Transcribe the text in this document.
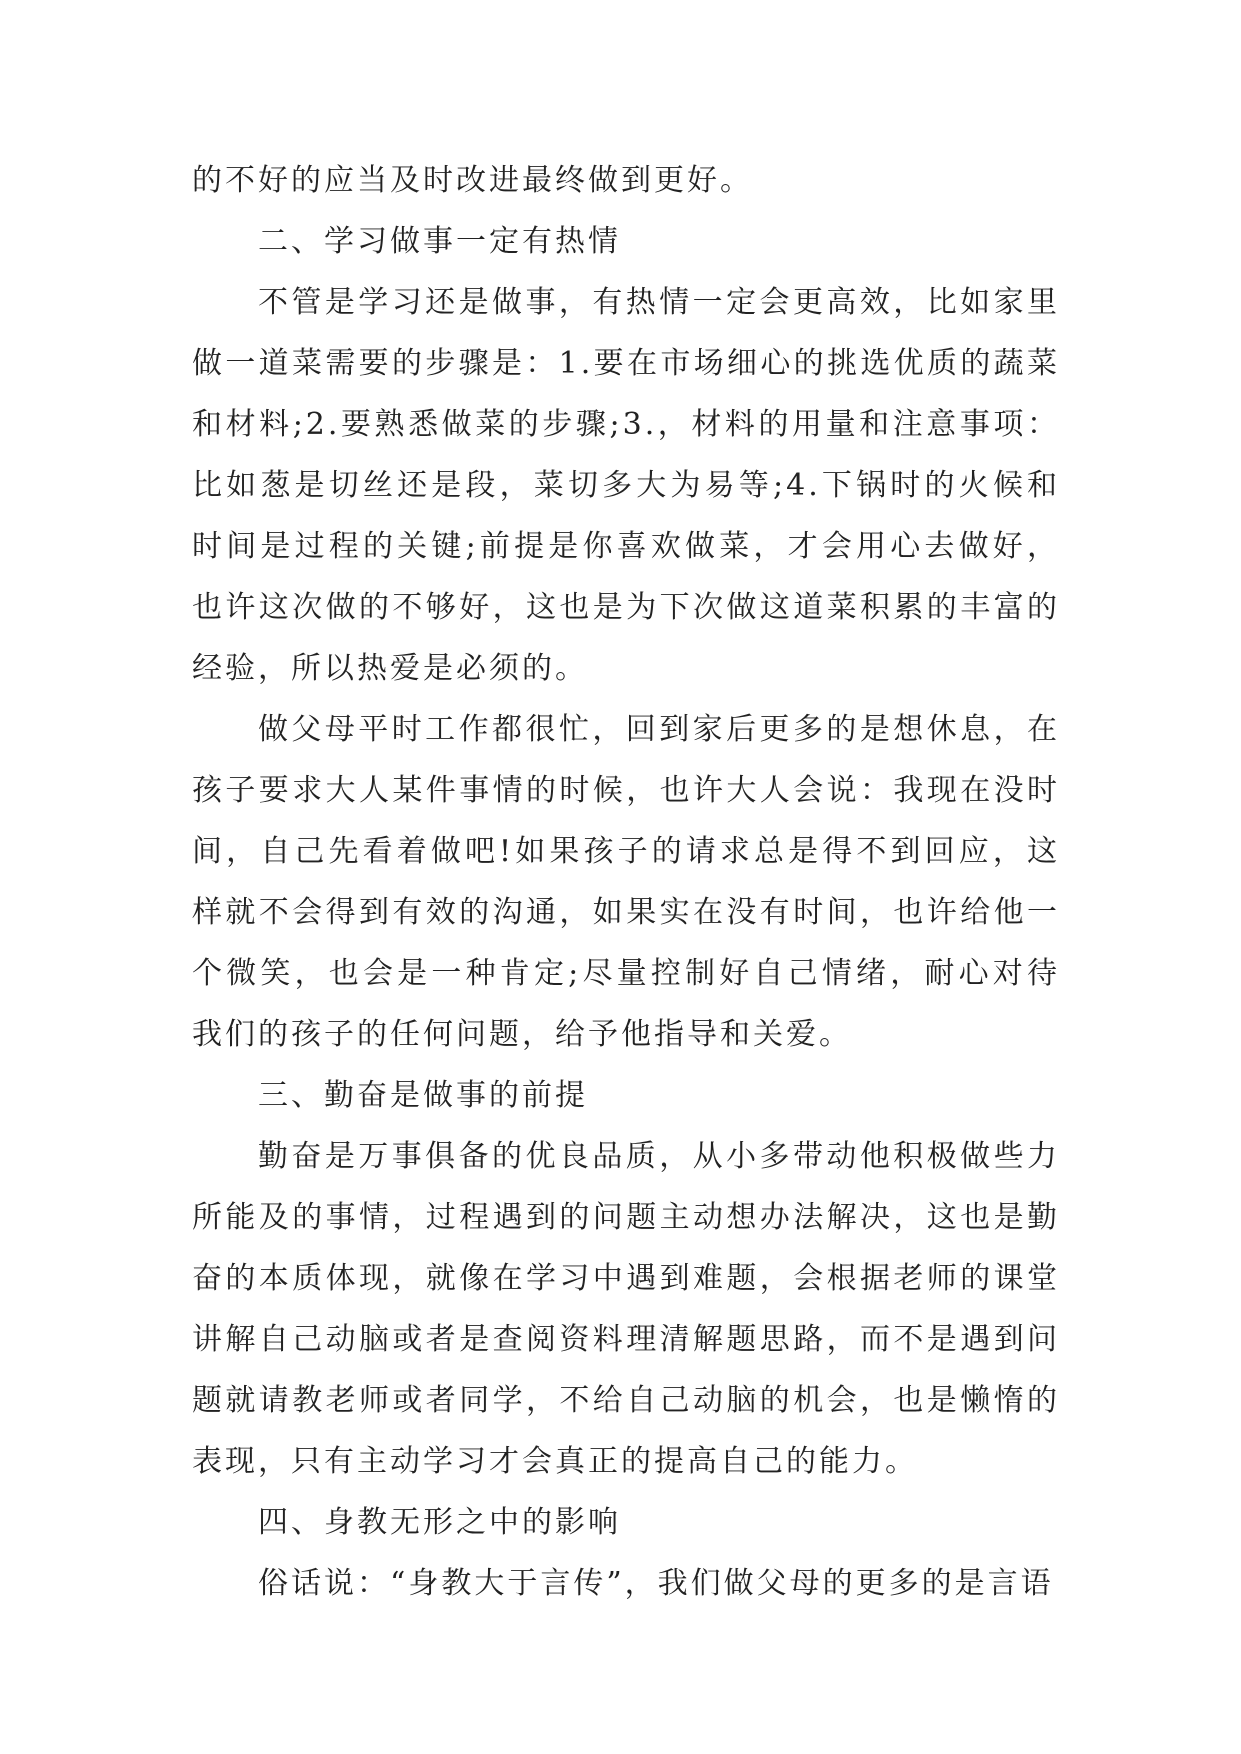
的不好的应当及时改进最终做到更好。

二、学习做事一定有热情

不管是学习还是做事，有热情一定会更高效，比如家里做一道菜需要的步骤是：1.要在市场细心的挑选优质的蔬菜和材料;2.要熟悉做菜的步骤;3.，材料的用量和注意事项：比如葱是切丝还是段，菜切多大为易等;4.下锅时的火候和时间是过程的关键;前提是你喜欢做菜，才会用心去做好，也许这次做的不够好，这也是为下次做这道菜积累的丰富的经验，所以热爱是必须的。

做父母平时工作都很忙，回到家后更多的是想休息，在孩子要求大人某件事情的时候，也许大人会说：我现在没时间，自己先看着做吧!如果孩子的请求总是得不到回应，这样就不会得到有效的沟通，如果实在没有时间，也许给他一个微笑，也会是一种肯定;尽量控制好自己情绪，耐心对待我们的孩子的任何问题，给予他指导和关爱。

三、勤奋是做事的前提

勤奋是万事俱备的优良品质，从小多带动他积极做些力所能及的事情，过程遇到的问题主动想办法解决，这也是勤奋的本质体现，就像在学习中遇到难题，会根据老师的课堂讲解自己动脑或者是查阅资料理清解题思路，而不是遇到问题就请教老师或者同学，不给自己动脑的机会，也是懒惰的表现，只有主动学习才会真正的提高自己的能力。

四、身教无形之中的影响

俗话说：“身教大于言传”，我们做父母的更多的是言语
